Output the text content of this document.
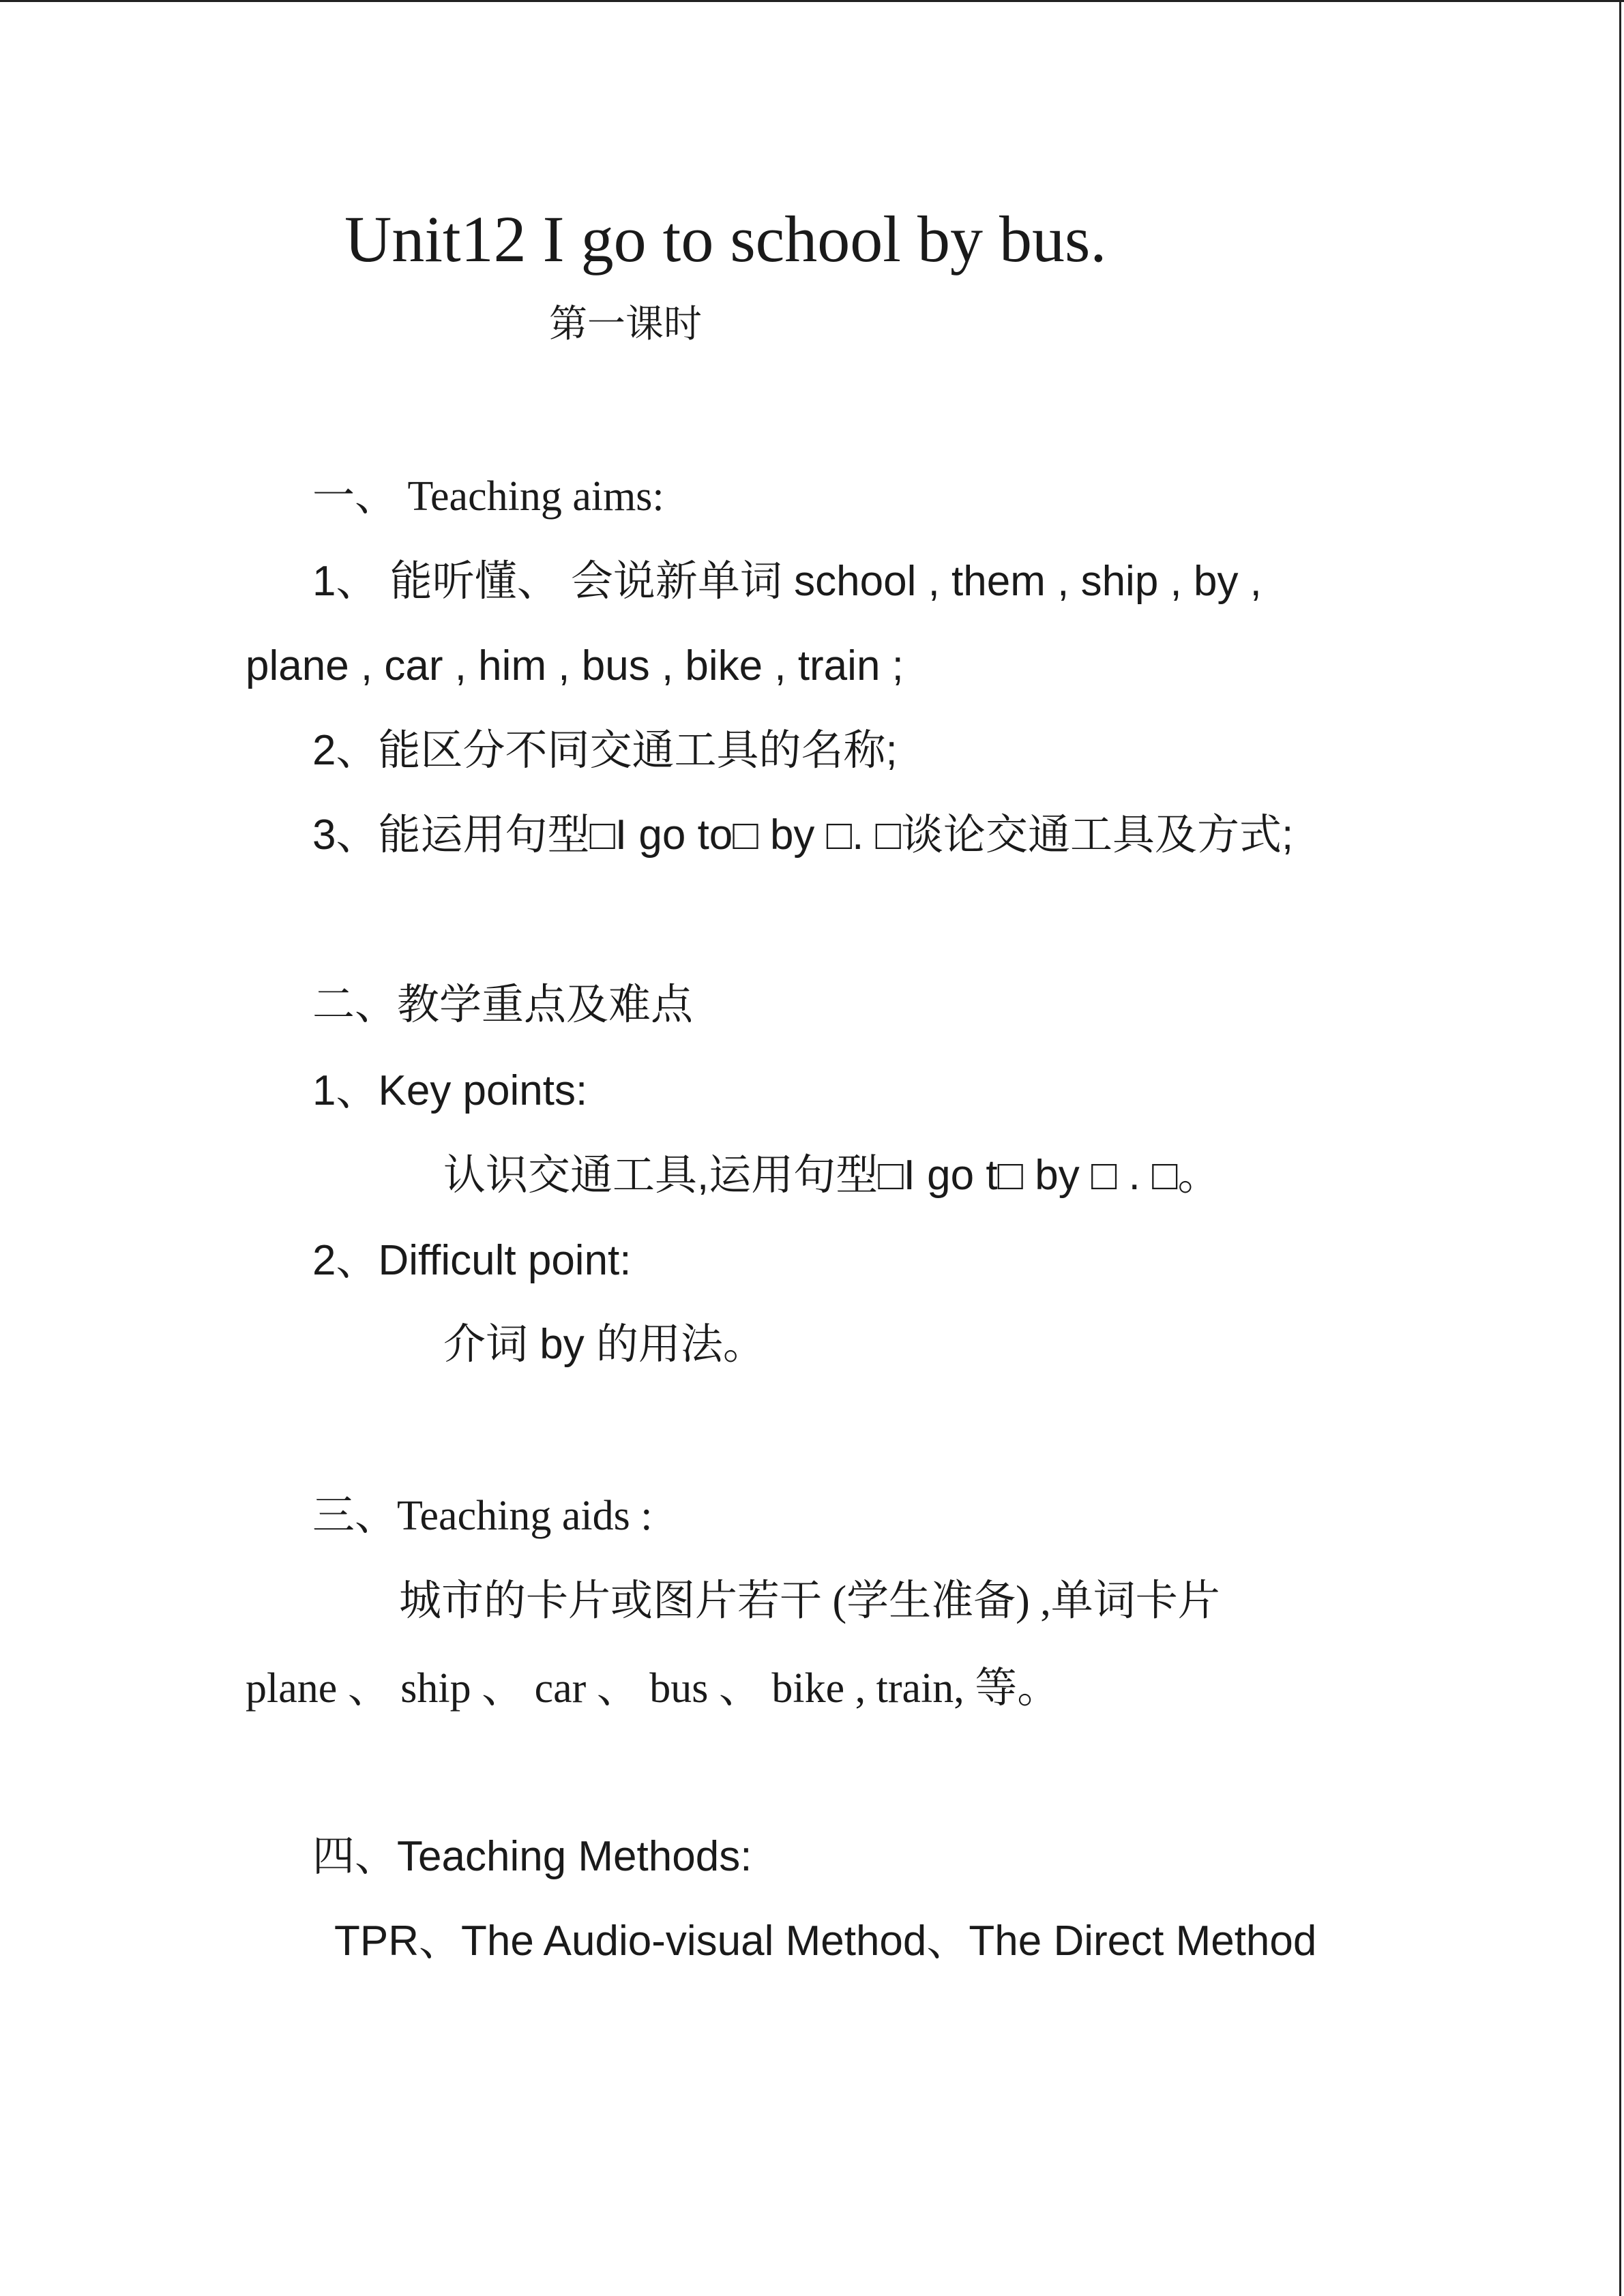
Unit12 I go to school by bus.
第一课时
一、 Teaching aims:
1、 能听懂、 会说新单词 school , them , ship , by ,
plane , car , him , bus , bike , train ;
2、能区分不同交通工具的名称;
3、能运用句型□I go to□ by □. □谈论交通工具及方式;
二、教学重点及难点
1、Key points:
认识交通工具,运用句型□I go t□ by □ . □。
2、Difficult point:
介词 by 的用法。
三、Teaching aids :
城市的卡片或图片若干 (学生准备) ,单词卡片
plane 、 ship 、 car 、 bus 、 bike , train, 等。
四、Teaching Methods:
TPR、The Audio-visual Method、The Direct Method
